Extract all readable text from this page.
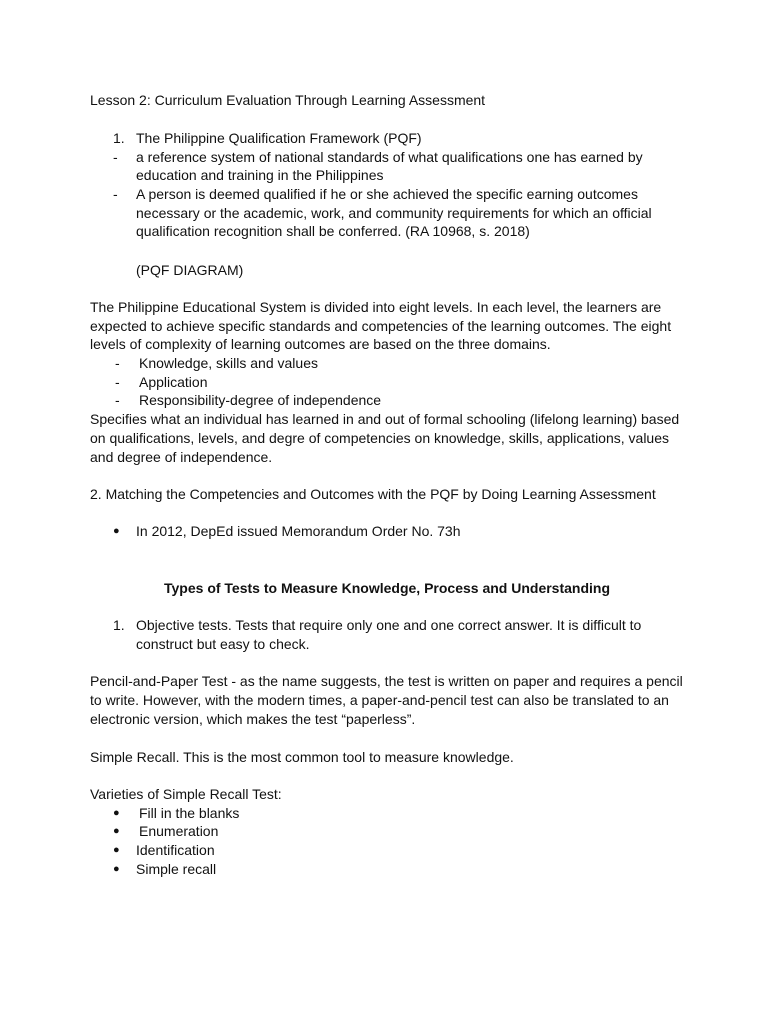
Lesson 2: Curriculum Evaluation Through Learning Assessment
1. The Philippine Qualification Framework (PQF)
- a reference system of national standards of what qualifications one has earned by
education and training in the Philippines
- A person is deemed qualified if he or she achieved the specific earning outcomes
necessary or the academic, work, and community requirements for which an official
qualification recognition shall be conferred. (RA 10968, s. 2018)
(PQF DIAGRAM)
The Philippine Educational System is divided into eight levels. In each level, the learners are
expected to achieve specific standards and competencies of the learning outcomes. The eight
levels of complexity of learning outcomes are based on the three domains.
- Knowledge, skills and values
- Application
- Responsibility-degree of independence
Specifies what an individual has learned in and out of formal schooling (lifelong learning) based
on qualifications, levels, and degre of competencies on knowledge, skills, applications, values
and degree of independence.
2. Matching the Competencies and Outcomes with the PQF by Doing Learning Assessment
● In 2012, DepEd issued Memorandum Order No. 73h
Types of Tests to Measure Knowledge, Process and Understanding
1. Objective tests. Tests that require only one and one correct answer. It is difficult to
construct but easy to check.
Pencil-and-Paper Test - as the name suggests, the test is written on paper and requires a pencil
to write. However, with the modern times, a paper-and-pencil test can also be translated to an
electronic version, which makes the test “paperless”.
Simple Recall. This is the most common tool to measure knowledge.
Varieties of Simple Recall Test:
● Fill in the blanks
● Enumeration
● Identification
● Simple recall
